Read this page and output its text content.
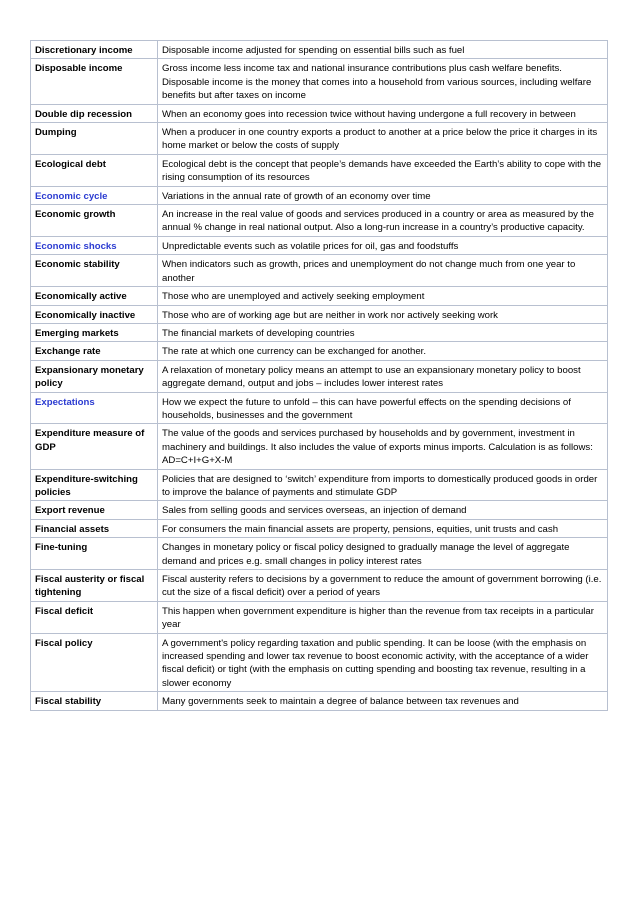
Discretionary income	Disposable income adjusted for spending on essential bills such as fuel
Disposable income	Gross income less income tax and national insurance contributions plus cash welfare benefits. Disposable income is the money that comes into a household from various sources, including welfare benefits but after taxes on income
Double dip recession	When an economy goes into recession twice without having undergone a full recovery in between
Dumping	When a producer in one country exports a product to another at a price below the price it charges in its home market or below the costs of supply
Ecological debt	Ecological debt is the concept that people’s demands have exceeded the Earth’s ability to cope with the rising consumption of its resources
Economic cycle	Variations in the annual rate of growth of an economy over time
Economic growth	An increase in the real value of goods and services produced in a country or area as measured by the annual % change in real national output. Also a long-run increase in a country’s productive capacity.
Economic shocks	Unpredictable events such as volatile prices for oil, gas and foodstuffs
Economic stability	When indicators such as growth, prices and unemployment do not change much from one year to another
Economically active	Those who are unemployed and actively seeking employment
Economically inactive	Those who are of working age but are neither in work nor actively seeking work
Emerging markets	The financial markets of developing countries
Exchange rate	The rate at which one currency can be exchanged for another.
Expansionary monetary policy	A relaxation of monetary policy means an attempt to use an expansionary monetary policy to boost aggregate demand, output and jobs – includes lower interest rates
Expectations	How we expect the future to unfold – this can have powerful effects on the spending decisions of households, businesses and the government
Expenditure measure of GDP	The value of the goods and services purchased by households and by government, investment in machinery and buildings. It also includes the value of exports minus imports. Calculation is as follows: AD=C+I+G+X-M
Expenditure-switching policies	Policies that are designed to ‘switch’ expenditure from imports to domestically produced goods in order to improve the balance of payments and stimulate GDP
Export revenue	Sales from selling goods and services overseas, an injection of demand
Financial assets	For consumers the main financial assets are property, pensions, equities, unit trusts and cash
Fine-tuning	Changes in monetary policy or fiscal policy designed to gradually manage the level of aggregate demand and prices e.g. small changes in policy interest rates
Fiscal austerity or fiscal tightening	Fiscal austerity refers to decisions by a government to reduce the amount of government borrowing (i.e. cut the size of a fiscal deficit) over a period of years
Fiscal deficit	This happen when government expenditure is higher than the revenue from tax receipts in a particular year
Fiscal policy	A government's policy regarding taxation and public spending. It can be loose (with the emphasis on increased spending and lower tax revenue to boost economic activity, with the acceptance of a wider fiscal deficit) or tight (with the emphasis on cutting spending and boosting tax revenue, resulting in a slower economy
Fiscal stability	Many governments seek to maintain a degree of balance between tax revenues and
